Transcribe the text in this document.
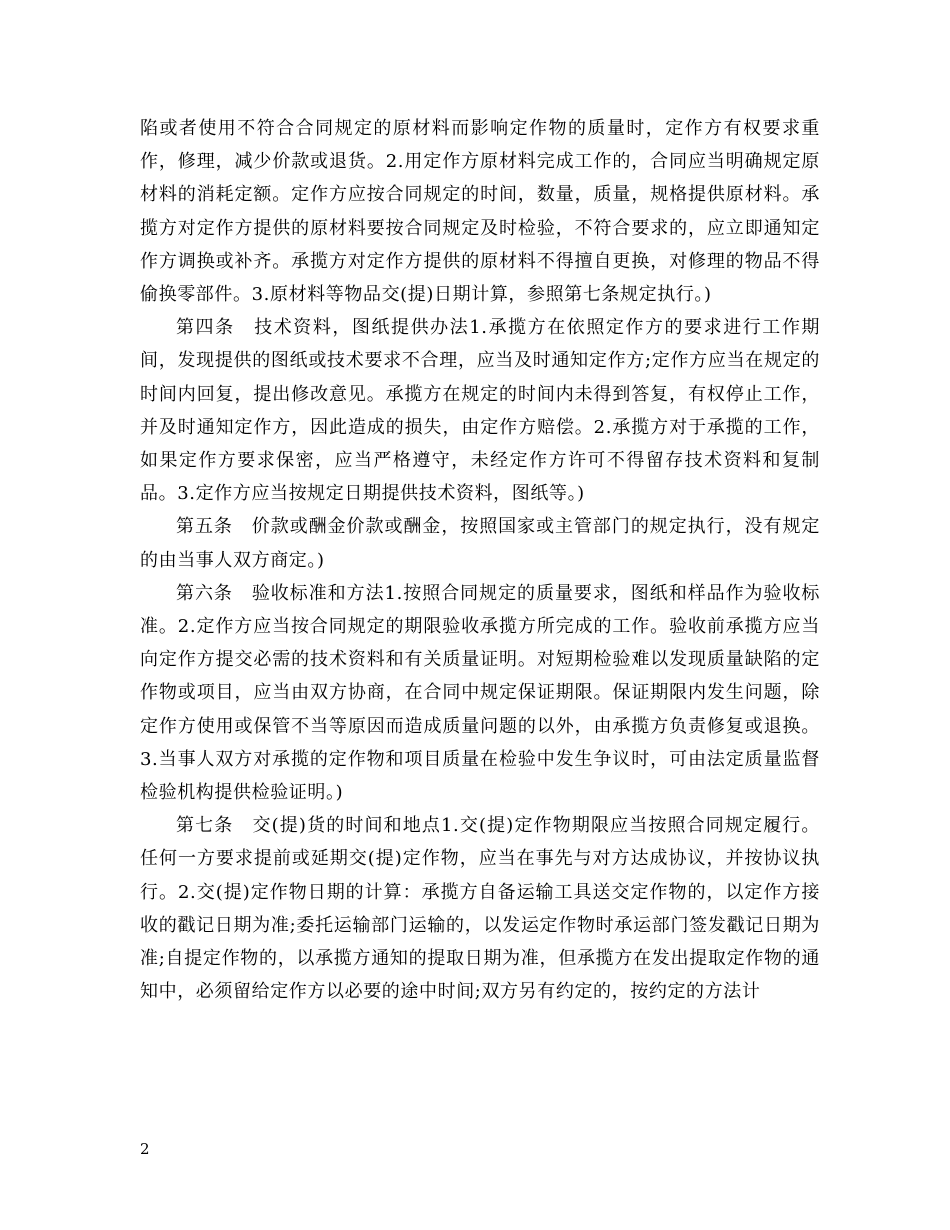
陷或者使用不符合合同规定的原材料而影响定作物的质量时，定作方有权要求重作，修理，减少价款或退货。2.用定作方原材料完成工作的，合同应当明确规定原材料的消耗定额。定作方应按合同规定的时间，数量，质量，规格提供原材料。承揽方对定作方提供的原材料要按合同规定及时检验，不符合要求的，应立即通知定作方调换或补齐。承揽方对定作方提供的原材料不得擅自更换，对修理的物品不得偷换零部件。3.原材料等物品交(提)日期计算，参照第七条规定执行。)

第四条　技术资料，图纸提供办法1.承揽方在依照定作方的要求进行工作期间，发现提供的图纸或技术要求不合理，应当及时通知定作方;定作方应当在规定的时间内回复，提出修改意见。承揽方在规定的时间内未得到答复，有权停止工作，并及时通知定作方，因此造成的损失，由定作方赔偿。2.承揽方对于承揽的工作，如果定作方要求保密，应当严格遵守，未经定作方许可不得留存技术资料和复制品。3.定作方应当按规定日期提供技术资料，图纸等。)

第五条　价款或酬金价款或酬金，按照国家或主管部门的规定执行，没有规定的由当事人双方商定。)

第六条　验收标准和方法1.按照合同规定的质量要求，图纸和样品作为验收标准。2.定作方应当按合同规定的期限验收承揽方所完成的工作。验收前承揽方应当向定作方提交必需的技术资料和有关质量证明。对短期检验难以发现质量缺陷的定作物或项目，应当由双方协商，在合同中规定保证期限。保证期限内发生问题，除定作方使用或保管不当等原因而造成质量问题的以外，由承揽方负责修复或退换。3.当事人双方对承揽的定作物和项目质量在检验中发生争议时，可由法定质量监督检验机构提供检验证明。)

第七条　交(提)货的时间和地点1.交(提)定作物期限应当按照合同规定履行。任何一方要求提前或延期交(提)定作物，应当在事先与对方达成协议，并按协议执行。2.交(提)定作物日期的计算：承揽方自备运输工具送交定作物的，以定作方接收的戳记日期为准;委托运输部门运输的，以发运定作物时承运部门签发戳记日期为准;自提定作物的，以承揽方通知的提取日期为准，但承揽方在发出提取定作物的通知中，必须留给定作方以必要的途中时间;双方另有约定的，按约定的方法计

2
